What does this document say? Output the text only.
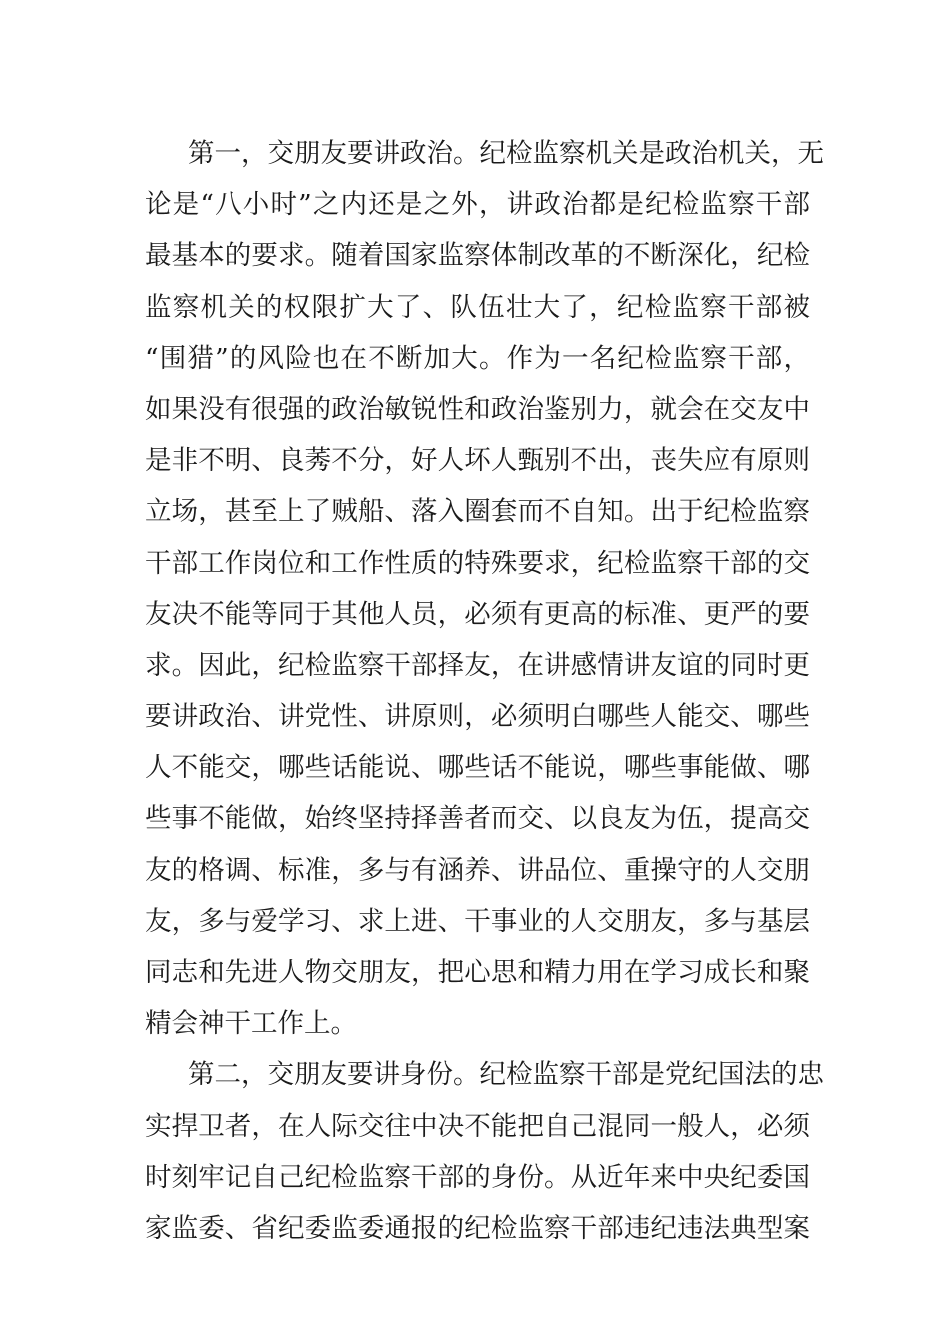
第一，交朋友要讲政治。纪检监察机关是政治机关，无
论是“八小时”之内还是之外，讲政治都是纪检监察干部
最基本的要求。随着国家监察体制改革的不断深化，纪检
监察机关的权限扩大了、队伍壮大了，纪检监察干部被
“围猎”的风险也在不断加大。作为一名纪检监察干部，
如果没有很强的政治敏锐性和政治鉴别力，就会在交友中
是非不明、良莠不分，好人坏人甄别不出，丧失应有原则
立场，甚至上了贼船、落入圈套而不自知。出于纪检监察
干部工作岗位和工作性质的特殊要求，纪检监察干部的交
友决不能等同于其他人员，必须有更高的标准、更严的要
求。因此，纪检监察干部择友，在讲感情讲友谊的同时更
要讲政治、讲党性、讲原则，必须明白哪些人能交、哪些
人不能交，哪些话能说、哪些话不能说，哪些事能做、哪
些事不能做，始终坚持择善者而交、以良友为伍，提高交
友的格调、标准，多与有涵养、讲品位、重操守的人交朋
友，多与爱学习、求上进、干事业的人交朋友，多与基层
同志和先进人物交朋友，把心思和精力用在学习成长和聚
精会神干工作上。
第二，交朋友要讲身份。纪检监察干部是党纪国法的忠
实捍卫者，在人际交往中决不能把自己混同一般人，必须
时刻牢记自己纪检监察干部的身份。从近年来中央纪委国
家监委、省纪委监委通报的纪检监察干部违纪违法典型案
